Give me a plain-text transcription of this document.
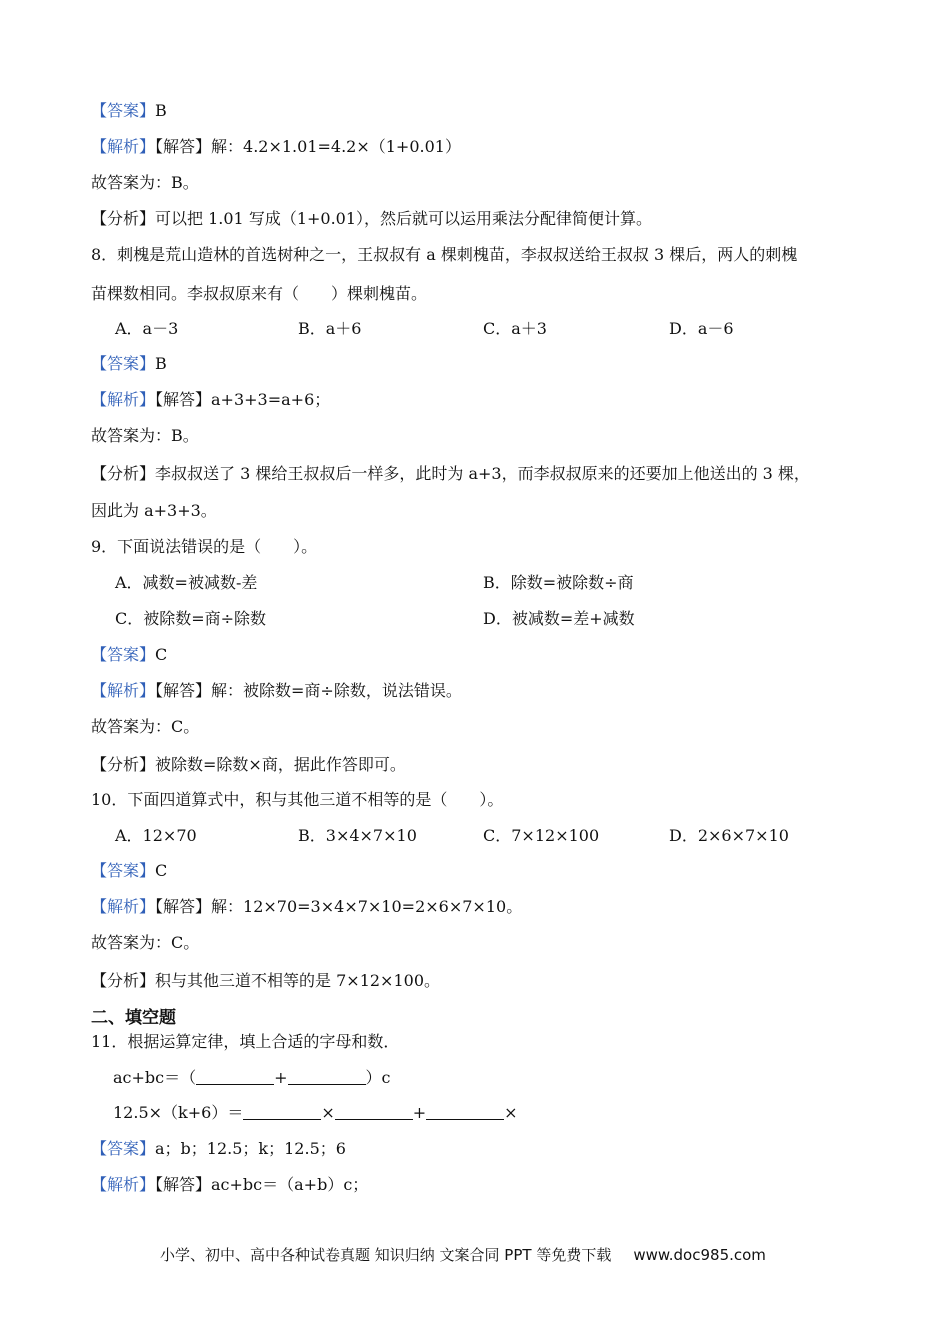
【答案】B
【解析】【解答】解：4.2×1.01=4.2×（1+0.01）
故答案为：B。
【分析】可以把 1.01 写成（1+0.01），然后就可以运用乘法分配律简便计算。
8．刺槐是荒山造林的首选树种之一，王叔叔有 a 棵刺槐苗，李叔叔送给王叔叔 3 棵后，两人的刺槐
苗棵数相同。李叔叔原来有（　　）棵刺槐苗。
A．a－3	B．a＋6	C．a＋3	D．a－6
【答案】B
【解析】【解答】a+3+3=a+6；
故答案为：B。
【分析】李叔叔送了 3 棵给王叔叔后一样多，此时为 a+3，而李叔叔原来的还要加上他送出的 3 棵，
因此为 a+3+3。
9．下面说法错误的是（　　）。
A．减数=被减数-差	B．除数=被除数÷商
C．被除数=商÷除数	D．被减数=差+减数
【答案】C
【解析】【解答】解：被除数=商÷除数，说法错误。
故答案为：C。
【分析】被除数=除数×商，据此作答即可。
10．下面四道算式中，积与其他三道不相等的是（　　）。
A．12×70	B．3×4×7×10	C．7×12×100	D．2×6×7×10
【答案】C
【解析】【解答】解：12×70=3×4×7×10=2×6×7×10。
故答案为：C。
【分析】积与其他三道不相等的是 7×12×100。
二、填空题
11．根据运算定律，填上合适的字母和数．
ac+bc＝（	+	）c
12.5×（k+6）＝	×	+	×
【答案】a；b；12.5；k；12.5；6
【解析】【解答】ac+bc＝（a+b）c；
小学、初中、高中各种试卷真题 知识归纳 文案合同 PPT 等免费下载 www.doc985.com
